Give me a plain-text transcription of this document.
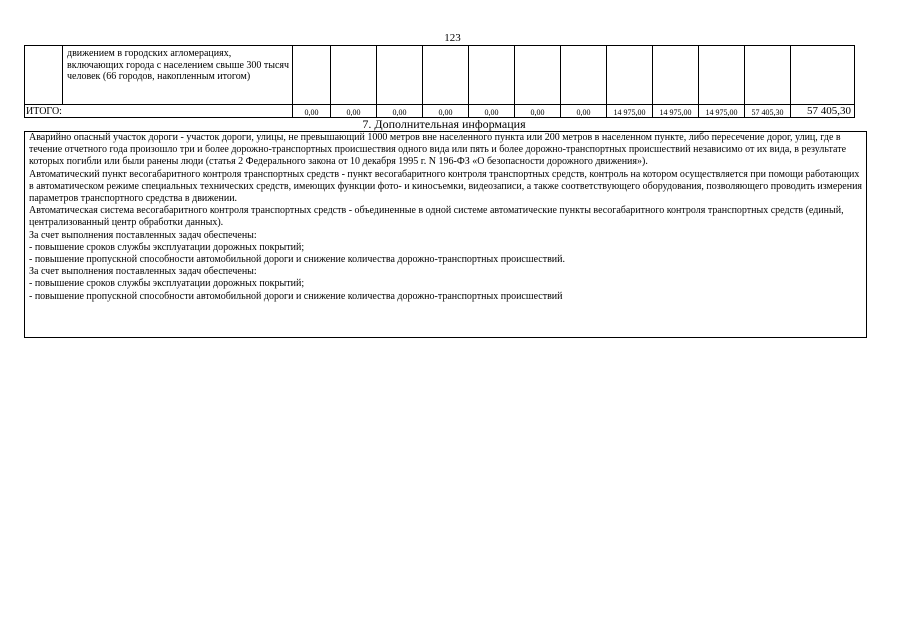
123
	движением в городских агломерациях, включающих города с населением свыше 300 тысяч человек (66 городов, накопленным итогом)												
ИТОГО:		0,00	0,00	0,00	0,00	0,00	0,00	0,00	14 975,00	14 975,00	14 975,00	57 405,30	57 405,30
7. Дополнительная информация

Аварийно опасный участок дороги - участок дороги, улицы, не превышающий 1000 метров вне населенного пункта или 200 метров в населенном пункте, либо пересечение дорог, улиц, где в течение отчетного года произошло три и более дорожно-транспортных происшествия одного вида или пять и более дорожно-транспортных происшествий независимо от их вида, в результате которых погибли или были ранены люди (статья 2 Федерального закона от 10 декабря 1995 г. N 196-ФЗ «О безопасности дорожного движения»).

Автоматический пункт весогабаритного контроля транспортных средств - пункт весогабаритного контроля транспортных средств, контроль на котором осуществляется при помощи работающих в автоматическом режиме специальных технических средств, имеющих функции фото- и киносъемки, видеозаписи, а также соответствующего оборудования, позволяющего проводить измерения параметров транспортного средства в движении.

Автоматическая система весогабаритного контроля транспортных средств - объединенные в одной системе автоматические пункты весогабаритного контроля транспортных средств (единый, централизованный центр обработки данных).

За счет выполнения поставленных задач обеспечены:

- повышение сроков службы эксплуатации дорожных покрытий;

- повышение пропускной способности автомобильной дороги и снижение количества дорожно-транспортных происшествий.

За счет выполнения поставленных задач обеспечены:

- повышение сроков службы эксплуатации дорожных покрытий;

- повышение пропускной способности автомобильной дороги и снижение количества дорожно-транспортных происшествий
